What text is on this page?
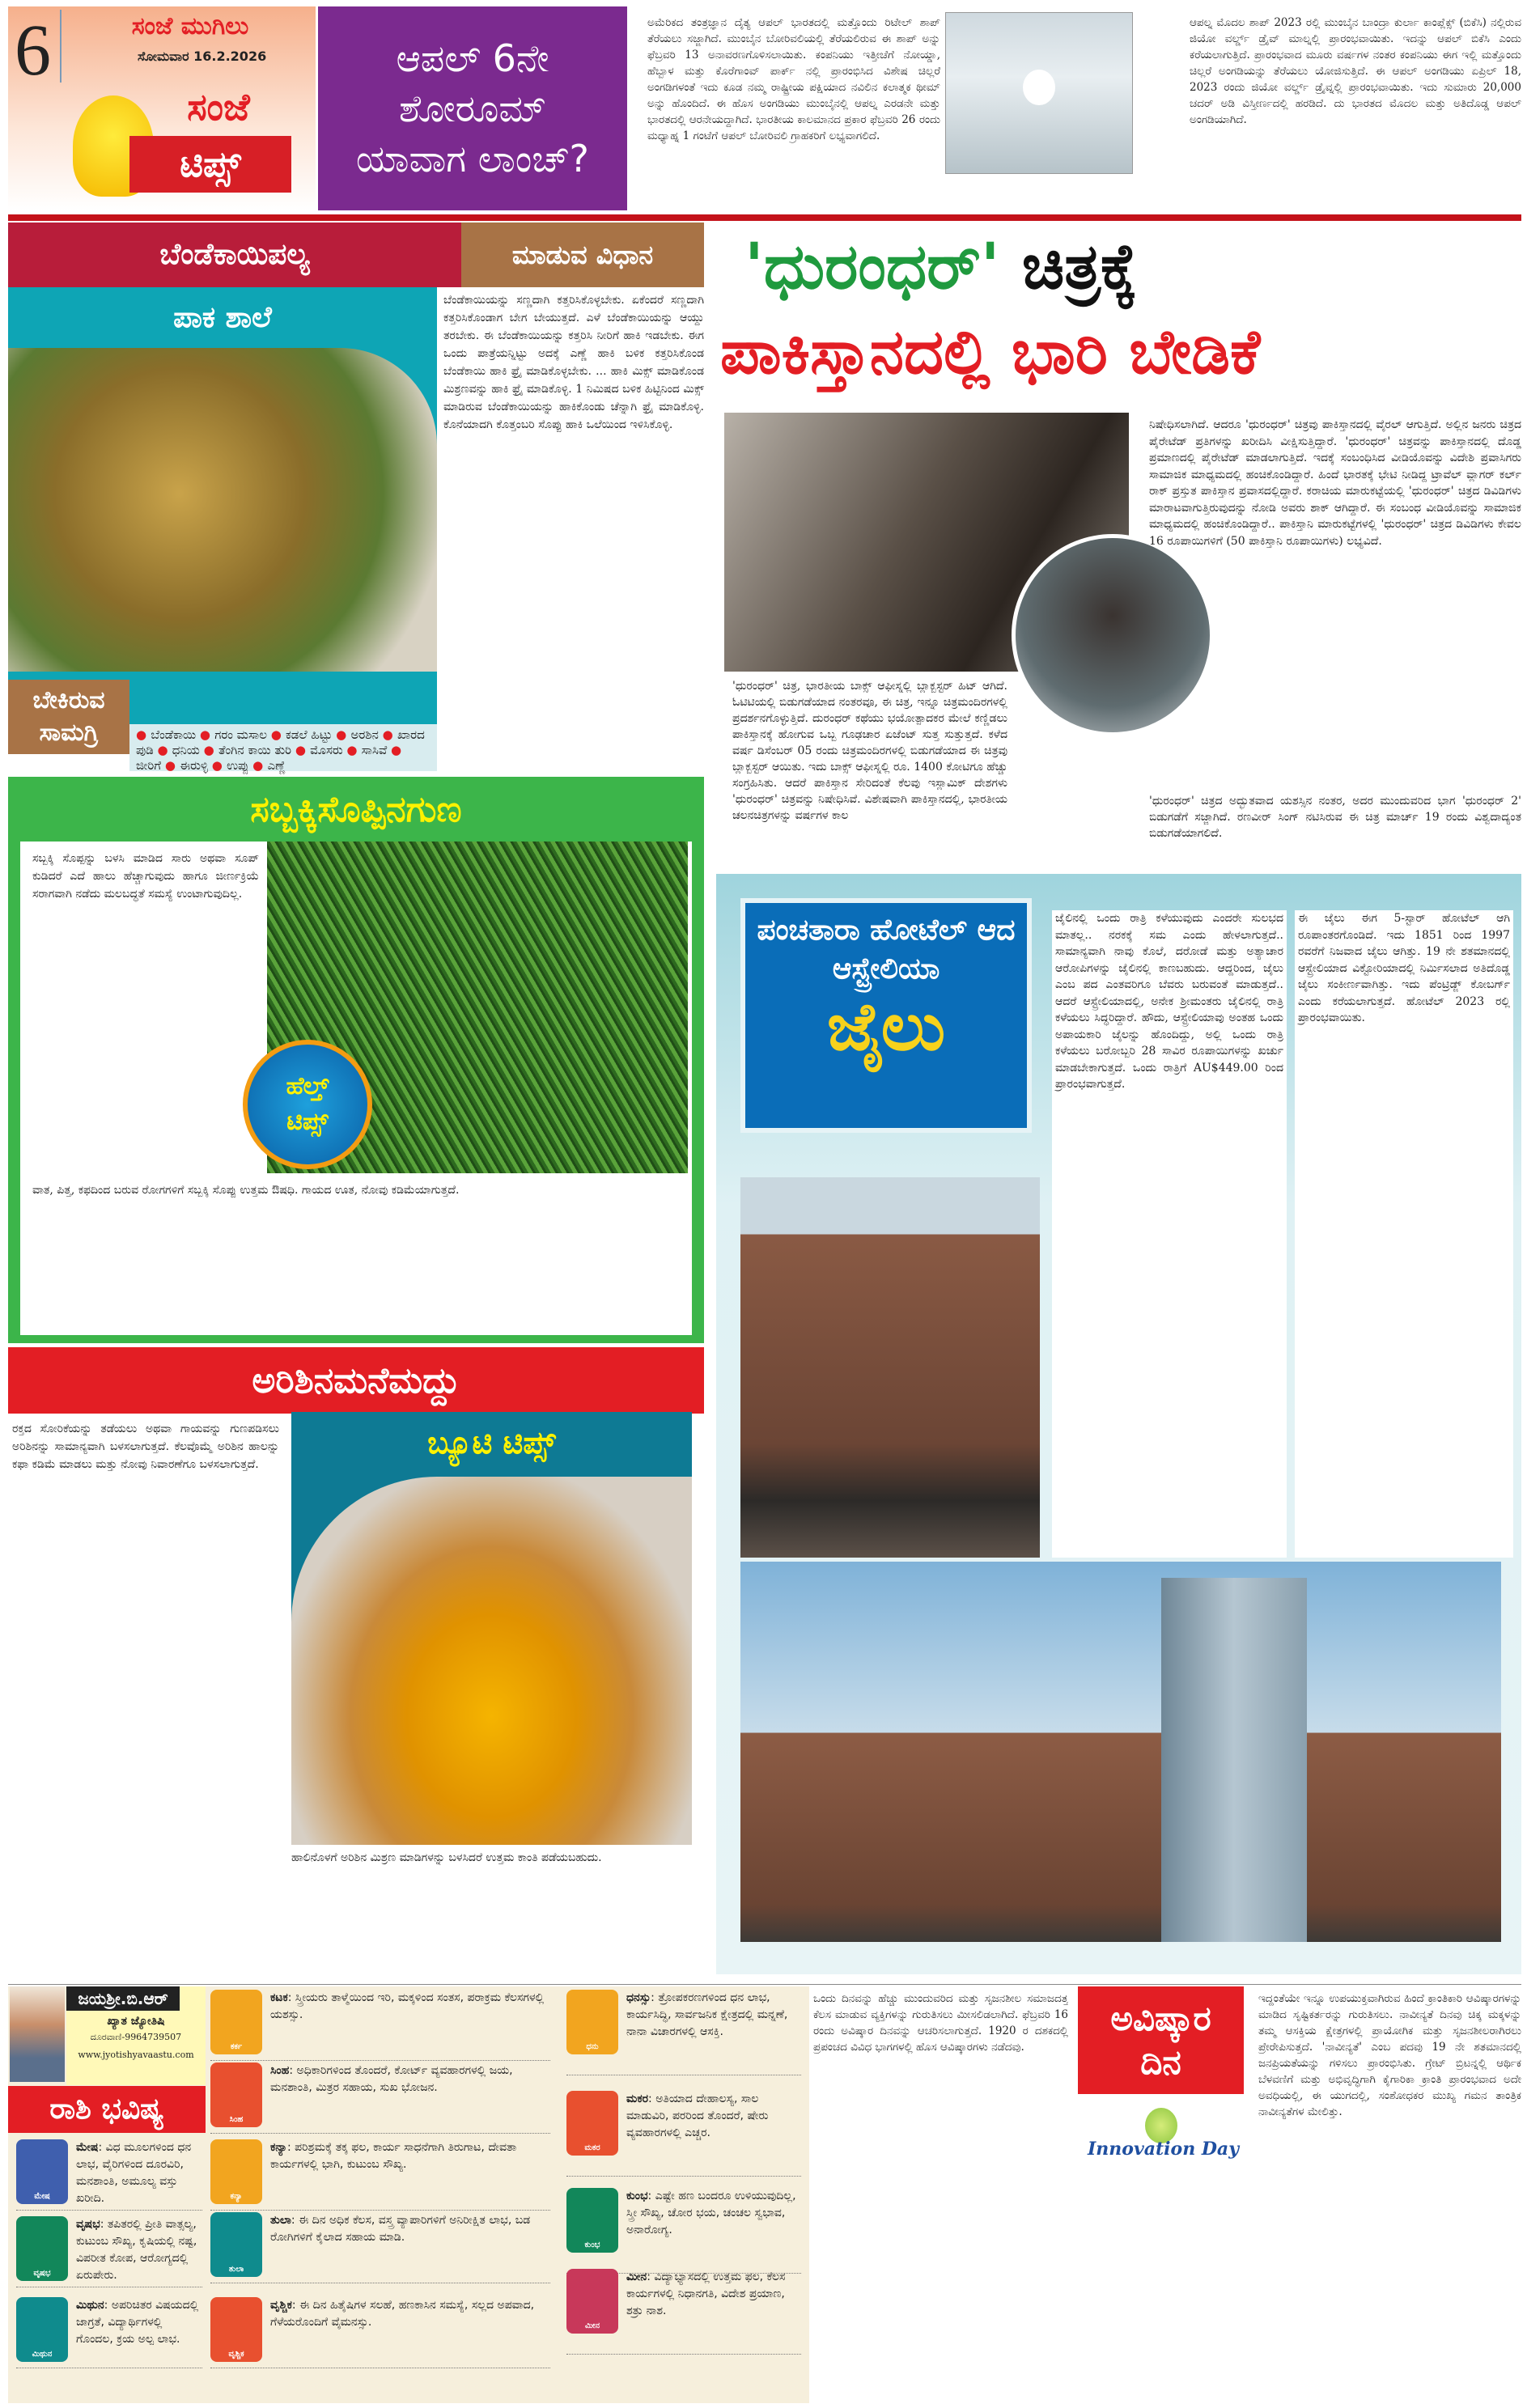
6	ಸಂಜೆ ಮುಗಿಲು
ಸೋಮವಾರ 16.2.2026
ಸಂಜೆ
ಟಿಪ್ಸ್
ಆಪಲ್ 6ನೇ ಶೋರೂಮ್ ಯಾವಾಗ ಲಾಂಚ್?
ಅಮೆರಿಕದ ತಂತ್ರಜ್ಞಾನ ದೈತ್ಯ ಆಪಲ್ ಭಾರತದಲ್ಲಿ ಮತ್ತೊಂದು ರಿಟೇಲ್ ಶಾಪ್ ತೆರೆಯಲು ಸಜ್ಜಾಗಿದೆ. ಮುಂಬೈನ ಬೋರಿವಲಿಯಲ್ಲಿ ತೆರೆಯಲಿರುವ ಈ ಶಾಪ್ ಅನ್ನು ಫೆಬ್ರವರಿ 13 ಅನಾವರಣಗೊಳಿಸಲಾಯಿತು. ಕಂಪನಿಯು ಇತ್ತೀಚೆಗೆ ನೋಯ್ಡಾ, ಹೆಬ್ಬಾಳ ಮತ್ತು ಕೊರೆಗಾಂವ್ ಪಾರ್ಕ್ ನಲ್ಲಿ ಪ್ರಾರಂಭಿಸಿದ ವಿಶೇಷ ಚಿಲ್ಲರೆ ಅಂಗಡಿಗಳಂತೆ ಇದು ಕೂಡ ನಮ್ಮ ರಾಷ್ಟ್ರೀಯ ಪಕ್ಷಿಯಾದ ನವಿಲಿನ ಕಲಾತ್ಮಕ ಥೀಮ್ ಅನ್ನು ಹೊಂದಿದೆ. ಈ ಹೊಸ ಅಂಗಡಿಯು ಮುಂಬೈನಲ್ಲಿ ಆಪಲ್ನ ಎರಡನೇ ಮತ್ತು ಭಾರತದಲ್ಲಿ ಆರನೇಯದ್ದಾಗಿದೆ. ಭಾರತೀಯ ಕಾಲಮಾನದ ಪ್ರಕಾರ ಫೆಬ್ರವರಿ 26 ರಂದು ಮಧ್ಯಾಹ್ನ 1 ಗಂಟೆಗೆ ಆಪಲ್ ಬೋರಿವಲಿ ಗ್ರಾಹಕರಿಗೆ ಲಭ್ಯವಾಗಲಿದೆ.
ಆಪಲ್ನ ಮೊದಲ ಶಾಪ್ 2023 ರಲ್ಲಿ ಮುಂಬೈನ ಬಾಂದ್ರಾ ಕುರ್ಲಾ ಕಾಂಪ್ಲೆಕ್ಸ್ (ಬಿಕೆಸಿ) ನಲ್ಲಿರುವ ಜಿಯೋ ವರ್ಲ್ಡ್ ಡ್ರೈವ್ ಮಾಲ್ನಲ್ಲಿ ಪ್ರಾರಂಭವಾಯಿತು. ಇದನ್ನು ಆಪಲ್ ಬಿಕೆಸಿ ಎಂದು ಕರೆಯಲಾಗುತ್ತಿದೆ. ಪ್ರಾರಂಭವಾದ ಮೂರು ವರ್ಷಗಳ ನಂತರ ಕಂಪನಿಯು ಈಗ ಇಲ್ಲಿ ಮತ್ತೊಂದು ಚಿಲ್ಲರೆ ಅಂಗಡಿಯನ್ನು ತೆರೆಯಲು ಯೋಜಿಸುತ್ತಿದೆ. ಈ ಆಪಲ್ ಅಂಗಡಿಯು ಏಪ್ರಿಲ್ 18, 2023 ರಂದು ಜಿಯೋ ವರ್ಲ್ಡ್ ಡ್ರೈವ್ನಲ್ಲಿ ಪ್ರಾರಂಭವಾಯಿತು. ಇದು ಸುಮಾರು 20,000 ಚದರ್ ಅಡಿ ವಿಸ್ತೀರ್ಣದಲ್ಲಿ ಹರಡಿದೆ. ದು ಭಾರತದ ಮೊದಲ ಮತ್ತು ಅತಿದೊಡ್ಡ ಆಪಲ್ ಅಂಗಡಿಯಾಗಿದೆ.
ಬೆಂಡೆಕಾಯಿಪಲ್ಯ	ಮಾಡುವ ವಿಧಾನ
ಪಾಕ ಶಾಲೆ
ಬೇಕಿರುವ ಸಾಮಗ್ರಿ	● ಬೆಂಡೆಕಾಯಿ ● ಗರಂ ಮಸಾಲ ● ಕಡಲೆ ಹಿಟ್ಟು ● ಅರಶಿನ ● ಖಾರದ ಪುಡಿ ● ಧನಿಯ ● ತೆಂಗಿನ ಕಾಯಿ ತುರಿ ● ಮೊಸರು ● ಸಾಸಿವೆ ● ಜೀರಿಗೆ ● ಈರುಳ್ಳಿ ● ಉಪ್ಪು ● ಎಣ್ಣೆ
ಬೆಂಡೆಕಾಯಿಯನ್ನು ಸಣ್ಣದಾಗಿ ಕತ್ತರಿಸಿಕೊಳ್ಳಬೇಕು. ಏಕೆಂದರೆ ಸಣ್ಣದಾಗಿ ಕತ್ತರಿಸಿಕೊಂಡಾಗ ಬೇಗ ಬೇಯುತ್ತದೆ. ಎಳೆ ಬೆಂಡೆಕಾಯಿಯನ್ನು ಆಯ್ದು ತರಬೇಕು. ಈ ಬೆಂಡೆಕಾಯಿಯನ್ನು ಕತ್ತರಿಸಿ ನೀರಿಗೆ ಹಾಕಿ ಇಡಬೇಕು. ಈಗ ಒಂದು ಪಾತ್ರೆಯನ್ನಿಟ್ಟು ಅದಕ್ಕೆ ಎಣ್ಣೆ ಹಾಕಿ ಬಳಿಕ ಕತ್ತರಿಸಿಕೊಂಡ ಬೆಂಡೆಕಾಯಿ ಹಾಕಿ ಫ್ರೈ ಮಾಡಿಕೊಳ್ಳಬೇಕು. ... ಹಾಕಿ ಮಿಕ್ಸ್ ಮಾಡಿಕೊಂಡ ಮಿಶ್ರಣವನ್ನು ಹಾಕಿ ಫ್ರೈ ಮಾಡಿಕೊಳ್ಳಿ. 1 ನಿಮಿಷದ ಬಳಿಕ ಹಿಟ್ಟಿನಿಂದ ಮಿಕ್ಸ್ ಮಾಡಿರುವ ಬೆಂಡೆಕಾಯಿಯನ್ನು ಹಾಕಿಕೊಂಡು ಚೆನ್ನಾಗಿ ಫ್ರೈ ಮಾಡಿಕೊಳ್ಳಿ. ಕೊನೆಯಾದಗಿ ಕೊತ್ತಂಬರಿ ಸೊಪ್ಪು ಹಾಕಿ ಒಲೆಯಿಂದ ಇಳಿಸಿಕೊಳ್ಳಿ.
ಸಬ್ಬಕ್ಕಿಸೊಪ್ಪಿನಗುಣ
ಸಬ್ಬಕ್ಕಿ ಸೊಪ್ಪನ್ನು ಬಳಸಿ ಮಾಡಿದ ಸಾರು ಅಥವಾ ಸೂಪ್ ಕುಡಿದರೆ ಎದೆ ಹಾಲು ಹೆಚ್ಚಾಗುವುದು ಹಾಗೂ ಜೀರ್ಣಕ್ರಿಯೆ ಸರಾಗವಾಗಿ ನಡೆದು ಮಲಬದ್ಧತೆ ಸಮಸ್ಯೆ ಉಂಟಾಗುವುದಿಲ್ಲ.
ಹೆಲ್ತ್ ಟಿಪ್ಸ್
ವಾತ, ಪಿತ್ತ, ಕಫದಿಂದ ಬರುವ ರೋಗಗಳಿಗೆ ಸಬ್ಬಕ್ಕಿ ಸೊಪ್ಪು ಉತ್ತಮ ಔಷಧಿ. ಗಾಯದ ಊತ, ನೋವು ಕಡಿಮೆಯಾಗುತ್ತದೆ.
ಅರಿಶಿನಮನೆಮದ್ದು
ರಕ್ತದ ಸೋರಿಕೆಯನ್ನು ತಡೆಯಲು ಅಥವಾ ಗಾಯವನ್ನು ಗುಣಪಡಿಸಲು ಅರಿಶಿನನ್ನು ಸಾಮಾನ್ಯವಾಗಿ ಬಳಸಲಾಗುತ್ತದೆ. ಕೆಲವೊಮ್ಮೆ ಅರಿಶಿನ ಹಾಲನ್ನು ಕಫಾ ಕಡಿಮೆ ಮಾಡಲು ಮತ್ತು ನೋವು ನಿವಾರಣೆಗೂ ಬಳಸಲಾಗುತ್ತದೆ.
ಬ್ಯೂಟಿ ಟಿಪ್ಸ್
ಹಾಲಿನೊಳಗೆ ಅರಿಶಿನ ಮಿಶ್ರಣ ಮಾಡಿಗಳನ್ನು ಬಳಸಿದರೆ ಉತ್ತಮ ಕಾಂತಿ ಪಡೆಯಬಹುದು.
'ಧುರಂಧರ್' ಚಿತ್ರಕ್ಕೆ
ಪಾಕಿಸ್ತಾನದಲ್ಲಿ ಭಾರಿ ಬೇಡಿಕೆ
ನಿಷೇಧಿಸಲಾಗಿದೆ. ಆದರೂ 'ಧುರಂಧರ್' ಚಿತ್ರವು ಪಾಕಿಸ್ತಾನದಲ್ಲಿ ವೈರಲ್ ಆಗುತ್ತಿದೆ. ಅಲ್ಲಿನ ಜನರು ಚಿತ್ರದ ಪೈರೇಟೆಡ್ ಪ್ರತಿಗಳನ್ನು ಖರೀದಿಸಿ ವೀಕ್ಷಿಸುತ್ತಿದ್ದಾರೆ. 'ಧುರಂಧರ್' ಚಿತ್ರವನ್ನು ಪಾಕಿಸ್ತಾನದಲ್ಲಿ ದೊಡ್ಡ ಪ್ರಮಾಣದಲ್ಲಿ ಪೈರೇಟೆಡ್ ಮಾಡಲಾಗುತ್ತಿದೆ. ಇದಕ್ಕೆ ಸಂಬಂಧಿಸಿದ ವೀಡಿಯೊವನ್ನು ವಿದೇಶಿ ಪ್ರವಾಸಿಗರು ಸಾಮಾಜಿಕ ಮಾಧ್ಯಮದಲ್ಲಿ ಹಂಚಿಕೊಂಡಿದ್ದಾರೆ. ಹಿಂದೆ ಭಾರತಕ್ಕೆ ಭೇಟಿ ನೀಡಿದ್ದ ಟ್ರಾವೆಲ್ ವ್ಲಾಗರ್ ಕರ್ಲ್ ರಾಕ್ ಪ್ರಸ್ತುತ ಪಾಕಿಸ್ತಾನ ಪ್ರವಾಸದಲ್ಲಿದ್ದಾರೆ. ಕರಾಚಿಯ ಮಾರುಕಟ್ಟೆಯಲ್ಲಿ 'ಧುರಂಧರ್' ಚಿತ್ರದ ಡಿವಿಡಿಗಳು ಮಾರಾಟವಾಗುತ್ತಿರುವುದನ್ನು ನೋಡಿ ಅವರು ಶಾಕ್ ಆಗಿದ್ದಾರೆ. ಈ ಸಂಬಂಧ ವೀಡಿಯೊವನ್ನು ಸಾಮಾಜಿಕ ಮಾಧ್ಯಮದಲ್ಲಿ ಹಂಚಿಕೊಂಡಿದ್ದಾರೆ.. ಪಾಕಿಸ್ತಾನಿ ಮಾರುಕಟ್ಟೆಗಳಲ್ಲಿ 'ಧುರಂಧರ್' ಚಿತ್ರದ ಡಿವಿಡಿಗಳು ಕೇವಲ 16 ರೂಪಾಯಿಗಳಿಗೆ (50 ಪಾಕಿಸ್ತಾನಿ ರೂಪಾಯಿಗಳು) ಲಭ್ಯವಿದೆ.
'ಧುರಂಧರ್' ಚಿತ್ರ, ಭಾರತೀಯ ಬಾಕ್ಸ್ ಆಫೀಸ್ನಲ್ಲಿ ಬ್ಲಾಕ್ಬಸ್ಟರ್ ಹಿಟ್ ಆಗಿದೆ. ಓಟಿಟಿಯಲ್ಲಿ ಬಿಡುಗಡೆಯಾದ ನಂತರವೂ, ಈ ಚಿತ್ರ, ಇನ್ನೂ ಚಿತ್ರಮಂದಿರಗಳಲ್ಲಿ ಪ್ರದರ್ಶನಗೊಳ್ಳುತ್ತಿದೆ. ದುರಂಧರ್ ಕಥೆಯು ಭಯೋತ್ಪಾದಕರ ಮೇಲೆ ಕಣ್ಣಿಡಲು ಪಾಕಿಸ್ತಾನಕ್ಕೆ ಹೋಗುವ ಒಬ್ಬ ಗೂಢಚಾರ ಏಜೆಂಟ್ ಸುತ್ತ ಸುತ್ತುತ್ತದೆ. ಕಳೆದ ವರ್ಷ ಡಿಸೆಂಬರ್ 05 ರಂದು ಚಿತ್ರಮಂದಿರಗಳಲ್ಲಿ ಬಿಡುಗಡೆಯಾದ ಈ ಚಿತ್ರವು ಬ್ಲಾಕ್ಬಸ್ಟರ್ ಆಯಿತು. ಇದು ಬಾಕ್ಸ್ ಆಫೀಸ್ನಲ್ಲಿ ರೂ. 1400 ಕೋಟಿಗೂ ಹೆಚ್ಚು ಸಂಗ್ರಹಿಸಿತು. ಆದರೆ ಪಾಕಿಸ್ತಾನ ಸೇರಿದಂತೆ ಕೆಲವು ಇಸ್ಲಾಮಿಕ್ ದೇಶಗಳು 'ಧುರಂಧರ್' ಚಿತ್ರವನ್ನು ನಿಷೇಧಿಸಿವೆ. ವಿಶೇಷವಾಗಿ ಪಾಕಿಸ್ತಾನದಲ್ಲಿ, ಭಾರತೀಯ ಚಲನಚಿತ್ರಗಳನ್ನು ವರ್ಷಗಳ ಕಾಲ
'ಧುರಂಧರ್' ಚಿತ್ರದ ಅದ್ಭುತವಾದ ಯಶಸ್ಸಿನ ನಂತರ, ಅದರ ಮುಂದುವರಿದ ಭಾಗ 'ಧುರಂಧರ್ 2' ಬಿಡುಗಡೆಗೆ ಸಜ್ಜಾಗಿದೆ. ರಣವೀರ್ ಸಿಂಗ್ ನಟಿಸಿರುವ ಈ ಚಿತ್ರ ಮಾರ್ಚ್ 19 ರಂದು ವಿಶ್ವದಾದ್ಯಂತ ಬಿಡುಗಡೆಯಾಗಲಿದೆ.
ಪಂಚತಾರಾ ಹೋಟೆಲ್ ಆದ ಆಸ್ಟ್ರೇಲಿಯಾ
ಜೈಲು
ಜೈಲಿನಲ್ಲಿ ಒಂದು ರಾತ್ರಿ ಕಳೆಯುವುದು ಎಂದರೇ ಸುಲಭದ ಮಾತಲ್ಲ.. ನರಕಕ್ಕೆ ಸಮ ಎಂದು ಹೇಳಲಾಗುತ್ತದೆ.. ಸಾಮಾನ್ಯವಾಗಿ ನಾವು ಕೊಲೆ, ದರೋಡೆ ಮತ್ತು ಅತ್ಯಾಚಾರ ಆರೋಪಿಗಳನ್ನು ಜೈಲಿನಲ್ಲಿ ಕಾಣಬಹುದು. ಆದ್ದರಿಂದ, ಜೈಲು ಎಂಬ ಪದ ಎಂತವರಿಗೂ ಬೆವರು ಬರುವಂತೆ ಮಾಡುತ್ತದೆ.. ಆದರೆ ಆಸ್ಟ್ರೇಲಿಯಾದಲ್ಲಿ, ಅನೇಕ ಶ್ರೀಮಂತರು ಜೈಲಿನಲ್ಲಿ ರಾತ್ರಿ ಕಳೆಯಲು ಸಿದ್ಧರಿದ್ದಾರೆ. ಹೌದು, ಆಸ್ಟ್ರೇಲಿಯಾವು ಅಂತಹ ಒಂದು ಅಪಾಯಕಾರಿ ಜೈಲನ್ನು ಹೊಂದಿದ್ದು, ಅಲ್ಲಿ ಒಂದು ರಾತ್ರಿ ಕಳೆಯಲು ಬರೋಬ್ಬರಿ 28 ಸಾವಿರ ರೂಪಾಯಿಗಳನ್ನು ಖರ್ಚು ಮಾಡಬೇಕಾಗುತ್ತದೆ. ಒಂದು ರಾತ್ರಿಗೆ AU$449.00 ರಿಂದ ಪ್ರಾರಂಭವಾಗುತ್ತದೆ.
ಈ ಜೈಲು ಈಗ 5-ಸ್ಟಾರ್ ಹೋಟೆಲ್ ಆಗಿ ರೂಪಾಂತರಗೊಂಡಿದೆ. ಇದು 1851 ರಿಂದ 1997 ರವರೆಗೆ ನಿಜವಾದ ಜೈಲು ಆಗಿತ್ತು. 19 ನೇ ಶತಮಾನದಲ್ಲಿ ಆಸ್ಟ್ರೇಲಿಯಾದ ವಿಕ್ಟೋರಿಯಾದಲ್ಲಿ ನಿರ್ಮಿಸಲಾದ ಅತಿದೊಡ್ಡ ಜೈಲು ಸಂಕೀರ್ಣವಾಗಿತ್ತು. ಇದು ಪೆಂಟ್ರಿಡ್ಜ್ ಕೋಬರ್ಗ್ ಎಂದು ಕರೆಯಲಾಗುತ್ತದೆ. ಹೋಟೆಲ್ 2023 ರಲ್ಲಿ ಪ್ರಾರಂಭವಾಯಿತು.
ಜಯಶ್ರೀ.ಬಿ.ಆರ್
ಖ್ಯಾತ ಜ್ಯೋತಿಷಿ
ದೂರವಾಣಿ-9964739507
www.jyotishyavaastu.com
ರಾಶಿ ಭವಿಷ್ಯ
ಮೇಷ
ಮೇಷ: ವಿಧ ಮೂಲಗಳಿಂದ ಧನ ಲಾಭ, ವೈರಿಗಳಿಂದ ದೂರವಿರಿ, ಮನಶಾಂತಿ, ಅಮೂಲ್ಯ ವಸ್ತು ಖರೀದಿ.
ವೃಷಭ
ವೃಷಭ: ತಪಿತರಲ್ಲಿ ಪ್ರೀತಿ ವಾತ್ಸಲ್ಯ, ಕುಟುಂಬ ಸೌಖ್ಯ, ಕೃಷಿಯಲ್ಲಿ ನಷ್ಟ, ವಿಪರೀತ ಕೋಪ, ಆರೋಗ್ಯದಲ್ಲಿ ಏರುಪೇರು.
ಮಿಥುನ
ಮಿಥುನ: ಅಪರಿಚಿತರ ವಿಷಯದಲ್ಲಿ ಜಾಗ್ರತೆ, ವಿದ್ಯಾರ್ಥಿಗಳಲ್ಲಿ ಗೊಂದಲ, ಕ್ರಯ ಅಲ್ಪ ಲಾಭ.
ಕರ್ಕ
ಕಟಕ: ಸ್ತ್ರೀಯರು ತಾಳ್ಮೆಯಿಂದ ಇರಿ, ಮಕ್ಕಳಿಂದ ಸಂತಸ, ಪರಾಕ್ರಮ ಕೆಲಸಗಳಲ್ಲಿ ಯಶಸ್ಸು.
ಸಿಂಹ
ಸಿಂಹ: ಅಧಿಕಾರಿಗಳಿಂದ ತೊಂದರೆ, ಕೋರ್ಟ್ ವ್ಯವಹಾರಗಳಲ್ಲಿ ಜಯ, ಮನಶಾಂತಿ, ಮಿತ್ರರ ಸಹಾಯ, ಸುಖ ಭೋಜನ.
ಕನ್ಯಾ
ಕನ್ಯಾ: ಪರಿಶ್ರಮಕ್ಕೆ ತಕ್ಕ ಫಲ, ಕಾರ್ಯ ಸಾಧನೆಗಾಗಿ ತಿರುಗಾಟ, ದೇವತಾ ಕಾರ್ಯಗಳಲ್ಲಿ ಭಾಗಿ, ಕುಟುಂಬ ಸೌಖ್ಯ.
ತುಲಾ
ತುಲಾ: ಈ ದಿನ ಅಧಿಕ ಕೆಲಸ, ವಸ್ತ್ರ ವ್ಯಾಪಾರಿಗಳಿಗೆ ಅನಿರೀಕ್ಷಿತ ಲಾಭ, ಬಡ ರೋಗಿಗಳಿಗೆ ಕೈಲಾದ ಸಹಾಯ ಮಾಡಿ.
ವೃಶ್ಚಿಕ
ವೃಶ್ಚಿಕ: ಈ ದಿನ ಹಿತೈಷಿಗಳ ಸಲಹೆ, ಹಣಕಾಸಿನ ಸಮಸ್ಯೆ, ಸಲ್ಲದ ಅಪವಾದ, ಗೆಳೆಯರೊಂದಿಗೆ ವೈಮನಸ್ಸು.
ಧನು
ಧನಸ್ಸು: ತ್ರೋಪಕರಣಗಳಿಂದ ಧನ ಲಾಭ, ಕಾರ್ಯಸಿದ್ಧಿ, ಸಾರ್ವಜನಿಕ ಕ್ಷೇತ್ರದಲ್ಲಿ ಮನ್ನಣೆ, ನಾನಾ ವಿಚಾರಗಳಲ್ಲಿ ಆಸಕ್ತಿ.
ಮಕರ
ಮಕರ: ಅತಿಯಾದ ದೇಹಾಲಸ್ಯ, ಸಾಲ ಮಾಡುವಿರಿ, ಪರರಿಂದ ತೊಂದರೆ, ಷೇರು ವ್ಯವಹಾರಗಳಲ್ಲಿ ಎಚ್ಚರ.
ಕುಂಭ
ಕುಂಭ: ಎಷ್ಟೇ ಹಣ ಬಂದರೂ ಉಳಿಯುವುದಿಲ್ಲ, ಸ್ತ್ರೀ ಸೌಖ್ಯ, ಚೋರ ಭಯ, ಚಂಚಲ ಸ್ವಭಾವ, ಅನಾರೋಗ್ಯ.
ಮೀನ
ಮೀನ: ವಿದ್ಯಾಭ್ಯಾಸದಲ್ಲಿ ಉತ್ತಮ ಫಲ, ಕೆಲಸ ಕಾರ್ಯಗಳಲ್ಲಿ ನಿಧಾನಗತಿ, ವಿದೇಶ ಪ್ರಯಾಣ, ಶತ್ರು ನಾಶ.
ಒಂದು ದಿನವನ್ನು ಹೆಚ್ಚು ಮುಂದುವರಿದ ಮತ್ತು ಸೃಜನಶೀಲ ಸಮಾಜದತ್ತ ಕೆಲಸ ಮಾಡುವ ವ್ಯಕ್ತಿಗಳನ್ನು ಗುರುತಿಸಲು ಮೀಸಲಿಡಲಾಗಿದೆ. ಫೆಬ್ರವರಿ 16 ರಂದು ಅವಿಷ್ಕಾರ ದಿನವನ್ನು ಆಚರಿಸಲಾಗುತ್ತದೆ. 1920 ರ ದಶಕದಲ್ಲಿ ಪ್ರಪಂಚದ ವಿವಿಧ ಭಾಗಗಳಲ್ಲಿ ಹೊಸ ಆವಿಷ್ಕಾರಗಳು ನಡೆದವು.
ಅವಿಷ್ಕಾರ ದಿನ
Innovation Day
ಇದ್ದಂತೆಯೇ ಇನ್ನೂ ಉಪಯುಕ್ತವಾಗಿರುವ ಹಿಂದೆ ಕ್ರಾಂತಿಕಾರಿ ಆವಿಷ್ಕಾರಗಳನ್ನು ಮಾಡಿದ ಸೃಷ್ಟಿಕರ್ತರನ್ನು ಗುರುತಿಸಲು. ನಾವೀನ್ಯತೆ ದಿನವು ಚಿಕ್ಕ ಮಕ್ಕಳನ್ನು ತಮ್ಮ ಆಸಕ್ತಿಯ ಕ್ಷೇತ್ರಗಳಲ್ಲಿ ಪ್ರಾಯೋಗಿಕ ಮತ್ತು ಸೃಜನಶೀಲರಾಗಿರಲು ಪ್ರೇರೇಪಿಸುತ್ತದೆ. 'ನಾವೀನ್ಯತೆ' ಎಂಬ ಪದವು 19 ನೇ ಶತಮಾನದಲ್ಲಿ ಜನಪ್ರಿಯತೆಯನ್ನು ಗಳಿಸಲು ಪ್ರಾರಂಭಿಸಿತು. ಗ್ರೇಟ್ ಬ್ರಿಟನ್ನಲ್ಲಿ ಆರ್ಥಿಕ ಬೆಳವಣಿಗೆ ಮತ್ತು ಅಭಿವೃದ್ಧಿಗಾಗಿ ಕೈಗಾರಿಕಾ ಕ್ರಾಂತಿ ಪ್ರಾರಂಭವಾದ ಅದೇ ಅವಧಿಯಲ್ಲಿ, ಈ ಯುಗದಲ್ಲಿ, ಸಂಶೋಧಕರ ಮುಖ್ಯ ಗಮನ ತಾಂತ್ರಿಕ ನಾವೀನ್ಯತೆಗಳ ಮೇಲಿತ್ತು.
